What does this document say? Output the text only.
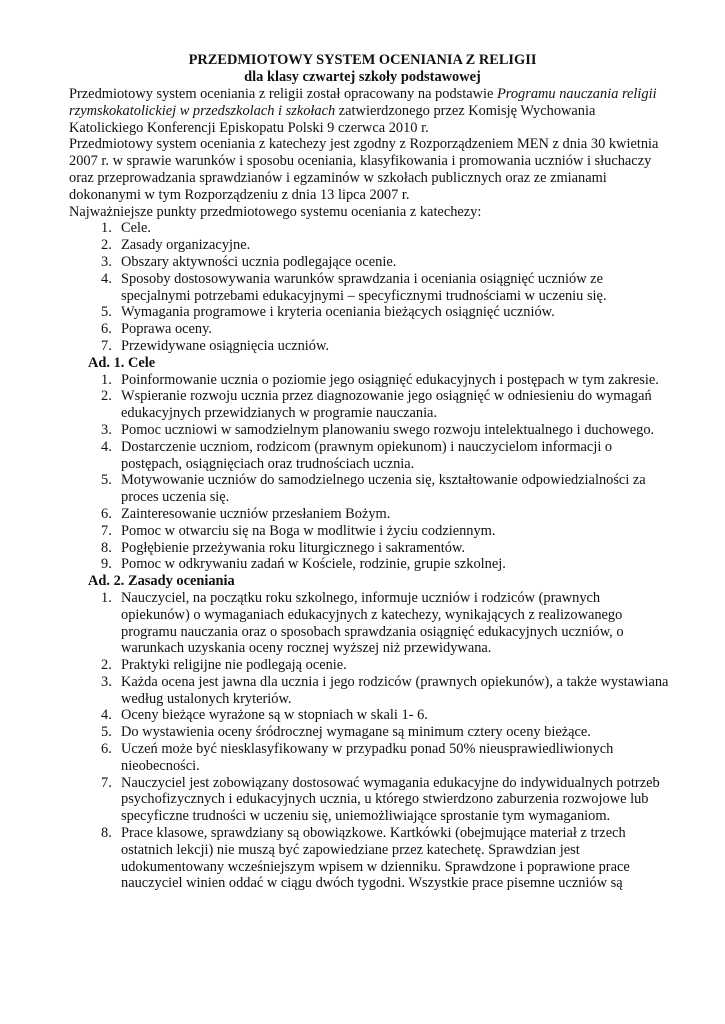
PRZEDMIOTOWY SYSTEM OCENIANIA Z RELIGII
dla klasy czwartej szkoły podstawowej

Przedmiotowy system oceniania z religii został opracowany na podstawie Programu nauczania religii rzymskokatolickiej w przedszkolach i szkołach zatwierdzonego przez Komisję Wychowania Katolickiego Konferencji Episkopatu Polski 9 czerwca 2010 r.

Przedmiotowy system oceniania z katechezy jest zgodny z Rozporządzeniem MEN z dnia 30 kwietnia 2007 r. w sprawie warunków i sposobu oceniania, klasyfikowania i promowania uczniów i słuchaczy oraz przeprowadzania sprawdzianów i egzaminów w szkołach publicznych oraz ze zmianami dokonanymi w tym Rozporządzeniu z dnia 13 lipca 2007 r.

Najważniejsze punkty przedmiotowego systemu oceniania z katechezy:

1. Cele.
2. Zasady organizacyjne.
3. Obszary aktywności ucznia podlegające ocenie.
4. Sposoby dostosowywania warunków sprawdzania i oceniania osiągnięć uczniów ze specjalnymi potrzebami edukacyjnymi – specyficznymi trudnościami w uczeniu się.
5. Wymagania programowe i kryteria oceniania bieżących osiągnięć uczniów.
6. Poprawa oceny.
7. Przewidywane osiągnięcia uczniów.

Ad. 1. Cele

1. Poinformowanie ucznia o poziomie jego osiągnięć edukacyjnych i postępach w tym zakresie.
2. Wspieranie rozwoju ucznia przez diagnozowanie jego osiągnięć w odniesieniu do wymagań edukacyjnych przewidzianych w programie nauczania.
3. Pomoc uczniowi w samodzielnym planowaniu swego rozwoju intelektualnego i duchowego.
4. Dostarczenie uczniom, rodzicom (prawnym opiekunom) i nauczycielom informacji o postępach, osiągnięciach oraz trudnościach ucznia.
5. Motywowanie uczniów do samodzielnego uczenia się, kształtowanie odpowiedzialności za proces uczenia się.
6. Zainteresowanie uczniów przesłaniem Bożym.
7. Pomoc w otwarciu się na Boga w modlitwie i życiu codziennym.
8. Pogłębienie przeżywania roku liturgicznego i sakramentów.
9. Pomoc w odkrywaniu zadań w Kościele, rodzinie, grupie szkolnej.

Ad. 2. Zasady oceniania

1. Nauczyciel, na początku roku szkolnego, informuje uczniów i rodziców (prawnych opiekunów) o wymaganiach edukacyjnych z katechezy, wynikających z realizowanego programu nauczania oraz o sposobach sprawdzania osiągnięć edukacyjnych uczniów, o warunkach uzyskania oceny rocznej wyższej niż przewidywana.
2. Praktyki religijne nie podlegają ocenie.
3. Każda ocena jest jawna dla ucznia i jego rodziców (prawnych opiekunów), a także wystawiana według ustalonych kryteriów.
4. Oceny bieżące wyrażone są w stopniach w skali 1- 6.
5. Do wystawienia oceny śródrocznej wymagane są minimum cztery oceny bieżące.
6. Uczeń może być niesklasyfikowany w przypadku ponad 50% nieusprawiedliwionych nieobecności.
7. Nauczyciel jest zobowiązany dostosować wymagania edukacyjne do indywidualnych potrzeb psychofizycznych i edukacyjnych ucznia, u którego stwierdzono zaburzenia rozwojowe lub specyficzne trudności w uczeniu się, uniemożliwiające sprostanie tym wymaganiom.
8. Prace klasowe, sprawdziany są obowiązkowe. Kartkówki (obejmujące materiał z trzech ostatnich lekcji) nie muszą być zapowiedziane przez katechetę. Sprawdzian jest udokumentowany wcześniejszym wpisem w dzienniku. Sprawdzone i poprawione prace nauczyciel winien oddać w ciągu dwóch tygodni. Wszystkie prace pisemne uczniów są
